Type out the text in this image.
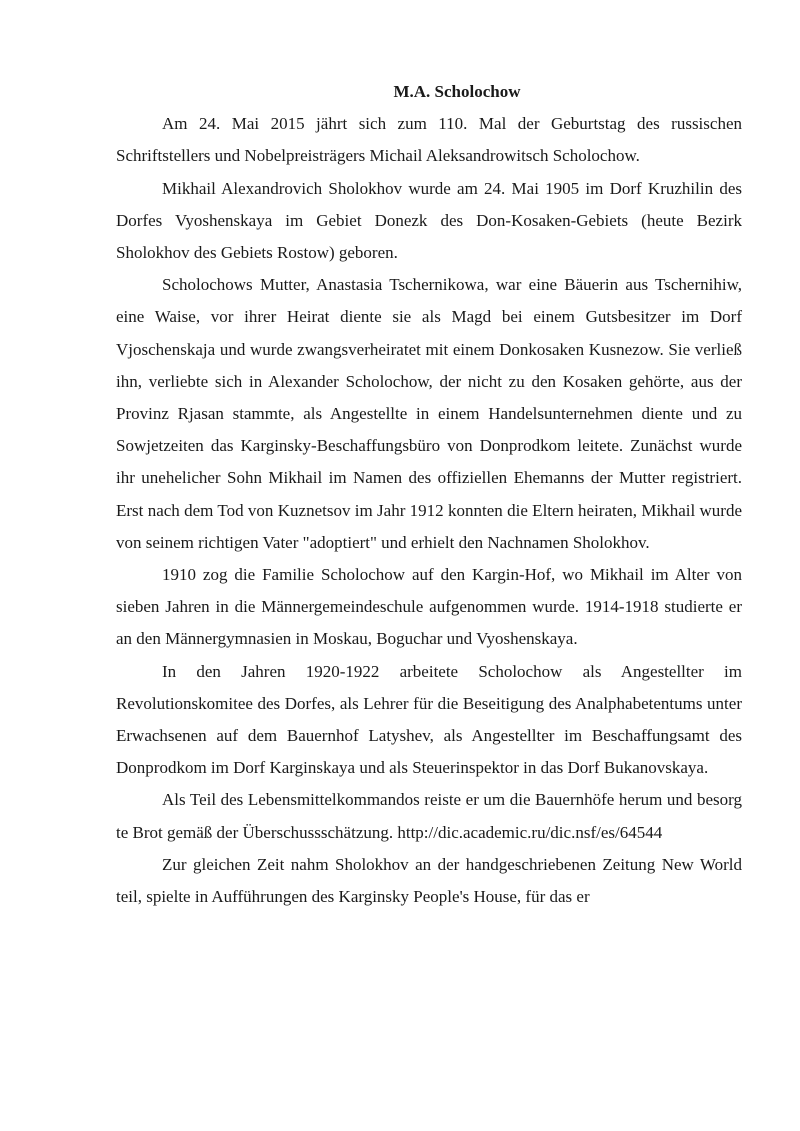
M.A. Scholochow

Am 24. Mai 2015 jährt sich zum 110. Mal der Geburtstag des russischen Schriftstellers und Nobelpreisträgers Michail Aleksandrowitsch Scholochow.

Mikhail Alexandrovich Sholokhov wurde am 24. Mai 1905 im Dorf Kruzhilin des Dorfes Vyoshenskaya im Gebiet Donezk des Don-Kosaken-Gebiets (heute Bezirk Sholokhov des Gebiets Rostow) geboren.

Scholochows Mutter, Anastasia Tschernikowa, war eine Bäuerin aus Tschernihiw, eine Waise, vor ihrer Heirat diente sie als Magd bei einem Gutsbesitzer im Dorf Vjoschenskaja und wurde zwangsverheiratet mit einem Donkosaken Kusnezow. Sie verließ ihn, verliebte sich in Alexander Scholochow, der nicht zu den Kosaken gehörte, aus der Provinz Rjasan stammte, als Angestellte in einem Handelsunternehmen diente und zu Sowjetzeiten das Karginsky-Beschaffungsbüro von Donprodkom leitete. Zunächst wurde ihr unehelicher Sohn Mikhail im Namen des offiziellen Ehemanns der Mutter registriert. Erst nach dem Tod von Kuznetsov im Jahr 1912 konnten die Eltern heiraten, Mikhail wurde von seinem richtigen Vater "adoptiert" und erhielt den Nachnamen Sholokhov.

1910 zog die Familie Scholochow auf den Kargin-Hof, wo Mikhail im Alter von sieben Jahren in die Männergemeindeschule aufgenommen wurde. 1914-1918 studierte er an den Männergymnasien in Moskau, Boguchar und Vyoshenskaya.

In den Jahren 1920-1922 arbeitete Scholochow als Angestellter im Revolutionskomitee des Dorfes, als Lehrer für die Beseitigung des Analphabetentums unter Erwachsenen auf dem Bauernhof Latyshev, als Angestellter im Beschaffungsamt des Donprodkom im Dorf Karginskaya und als Steuerinspektor in das Dorf Bukanovskaya.

Als Teil des Lebensmittelkommandos reiste er um die Bauernhöfe herum und besorgte Brot gemäß der Überschussschätzung. http://dic.academic.ru/dic.nsf/es/64544

Zur gleichen Zeit nahm Sholokhov an der handgeschriebenen Zeitung New World teil, spielte in Aufführungen des Karginsky People's House, für das er
